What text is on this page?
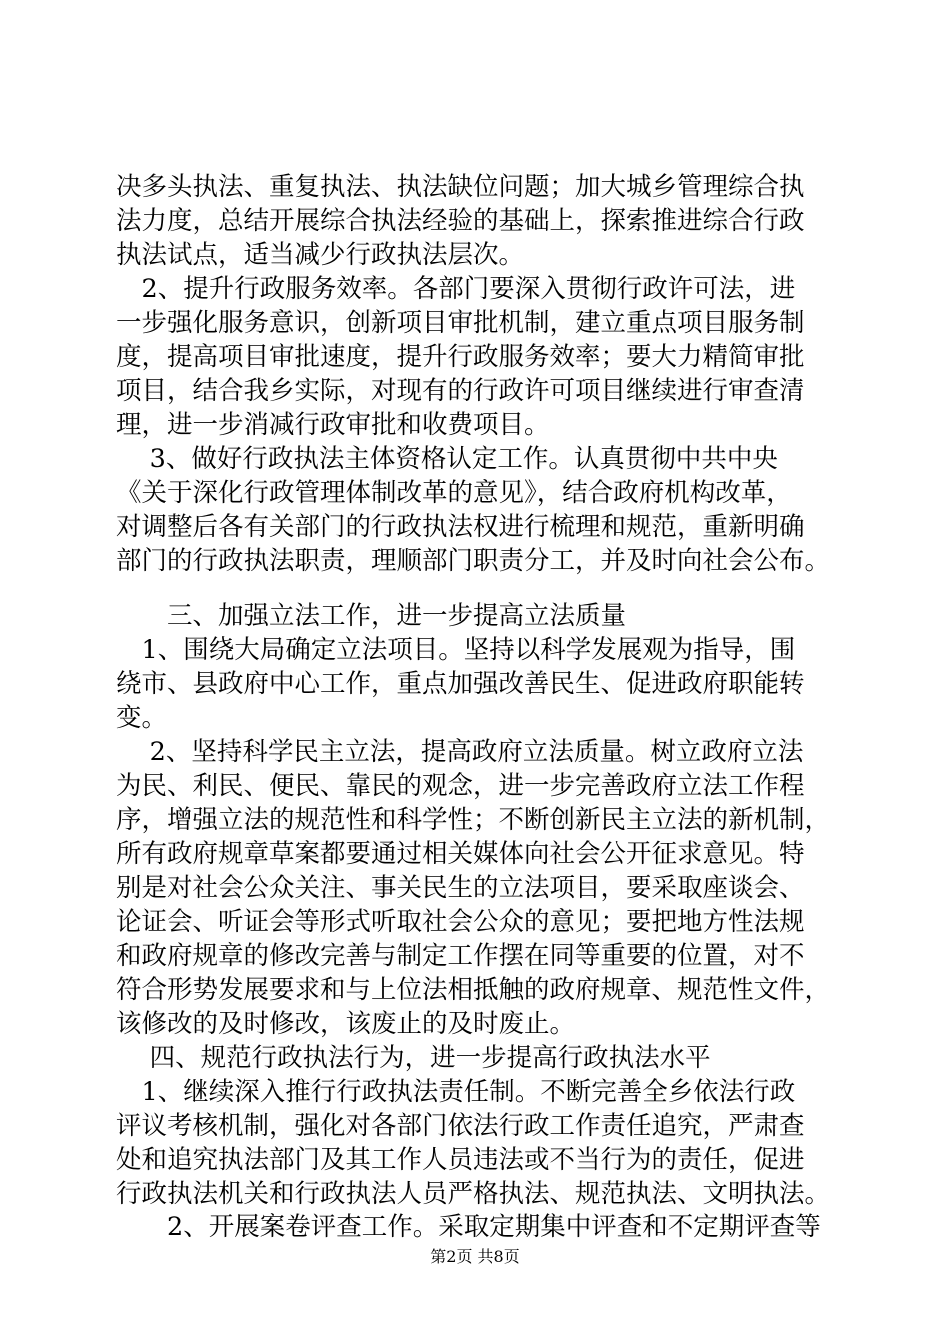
决多头执法、重复执法、执法缺位问题；加大城乡管理综合执
法力度，总结开展综合执法经验的基础上，探索推进综合行政
执法试点，适当减少行政执法层次。
　2、提升行政服务效率。各部门要深入贯彻行政许可法，进
一步强化服务意识，创新项目审批机制，建立重点项目服务制
度，提高项目审批速度，提升行政服务效率；要大力精简审批
项目，结合我乡实际，对现有的行政许可项目继续进行审查清
理，进一步消减行政审批和收费项目。
　 3、做好行政执法主体资格认定工作。认真贯彻中共中央
《关于深化行政管理体制改革的意见》，结合政府机构改革，
对调整后各有关部门的行政执法权进行梳理和规范，重新明确
部门的行政执法职责，理顺部门职责分工，并及时向社会公布。
　　三、加强立法工作，进一步提高立法质量
　1、围绕大局确定立法项目。坚持以科学发展观为指导，围
绕市、县政府中心工作，重点加强改善民生、促进政府职能转
变。
　 2、坚持科学民主立法，提高政府立法质量。树立政府立法
为民、利民、便民、靠民的观念，进一步完善政府立法工作程
序，增强立法的规范性和科学性；不断创新民主立法的新机制，
所有政府规章草案都要通过相关媒体向社会公开征求意见。特
别是对社会公众关注、事关民生的立法项目，要采取座谈会、
论证会、听证会等形式听取社会公众的意见；要把地方性法规
和政府规章的修改完善与制定工作摆在同等重要的位置，对不
符合形势发展要求和与上位法相抵触的政府规章、规范性文件，
该修改的及时修改，该废止的及时废止。
　 四、规范行政执法行为，进一步提高行政执法水平
　1、继续深入推行行政执法责任制。不断完善全乡依法行政
评议考核机制，强化对各部门依法行政工作责任追究，严肃查
处和追究执法部门及其工作人员违法或不当行为的责任，促进
行政执法机关和行政执法人员严格执法、规范执法、文明执法。
　　2、开展案卷评查工作。采取定期集中评查和不定期评查等
第2页 共8页
